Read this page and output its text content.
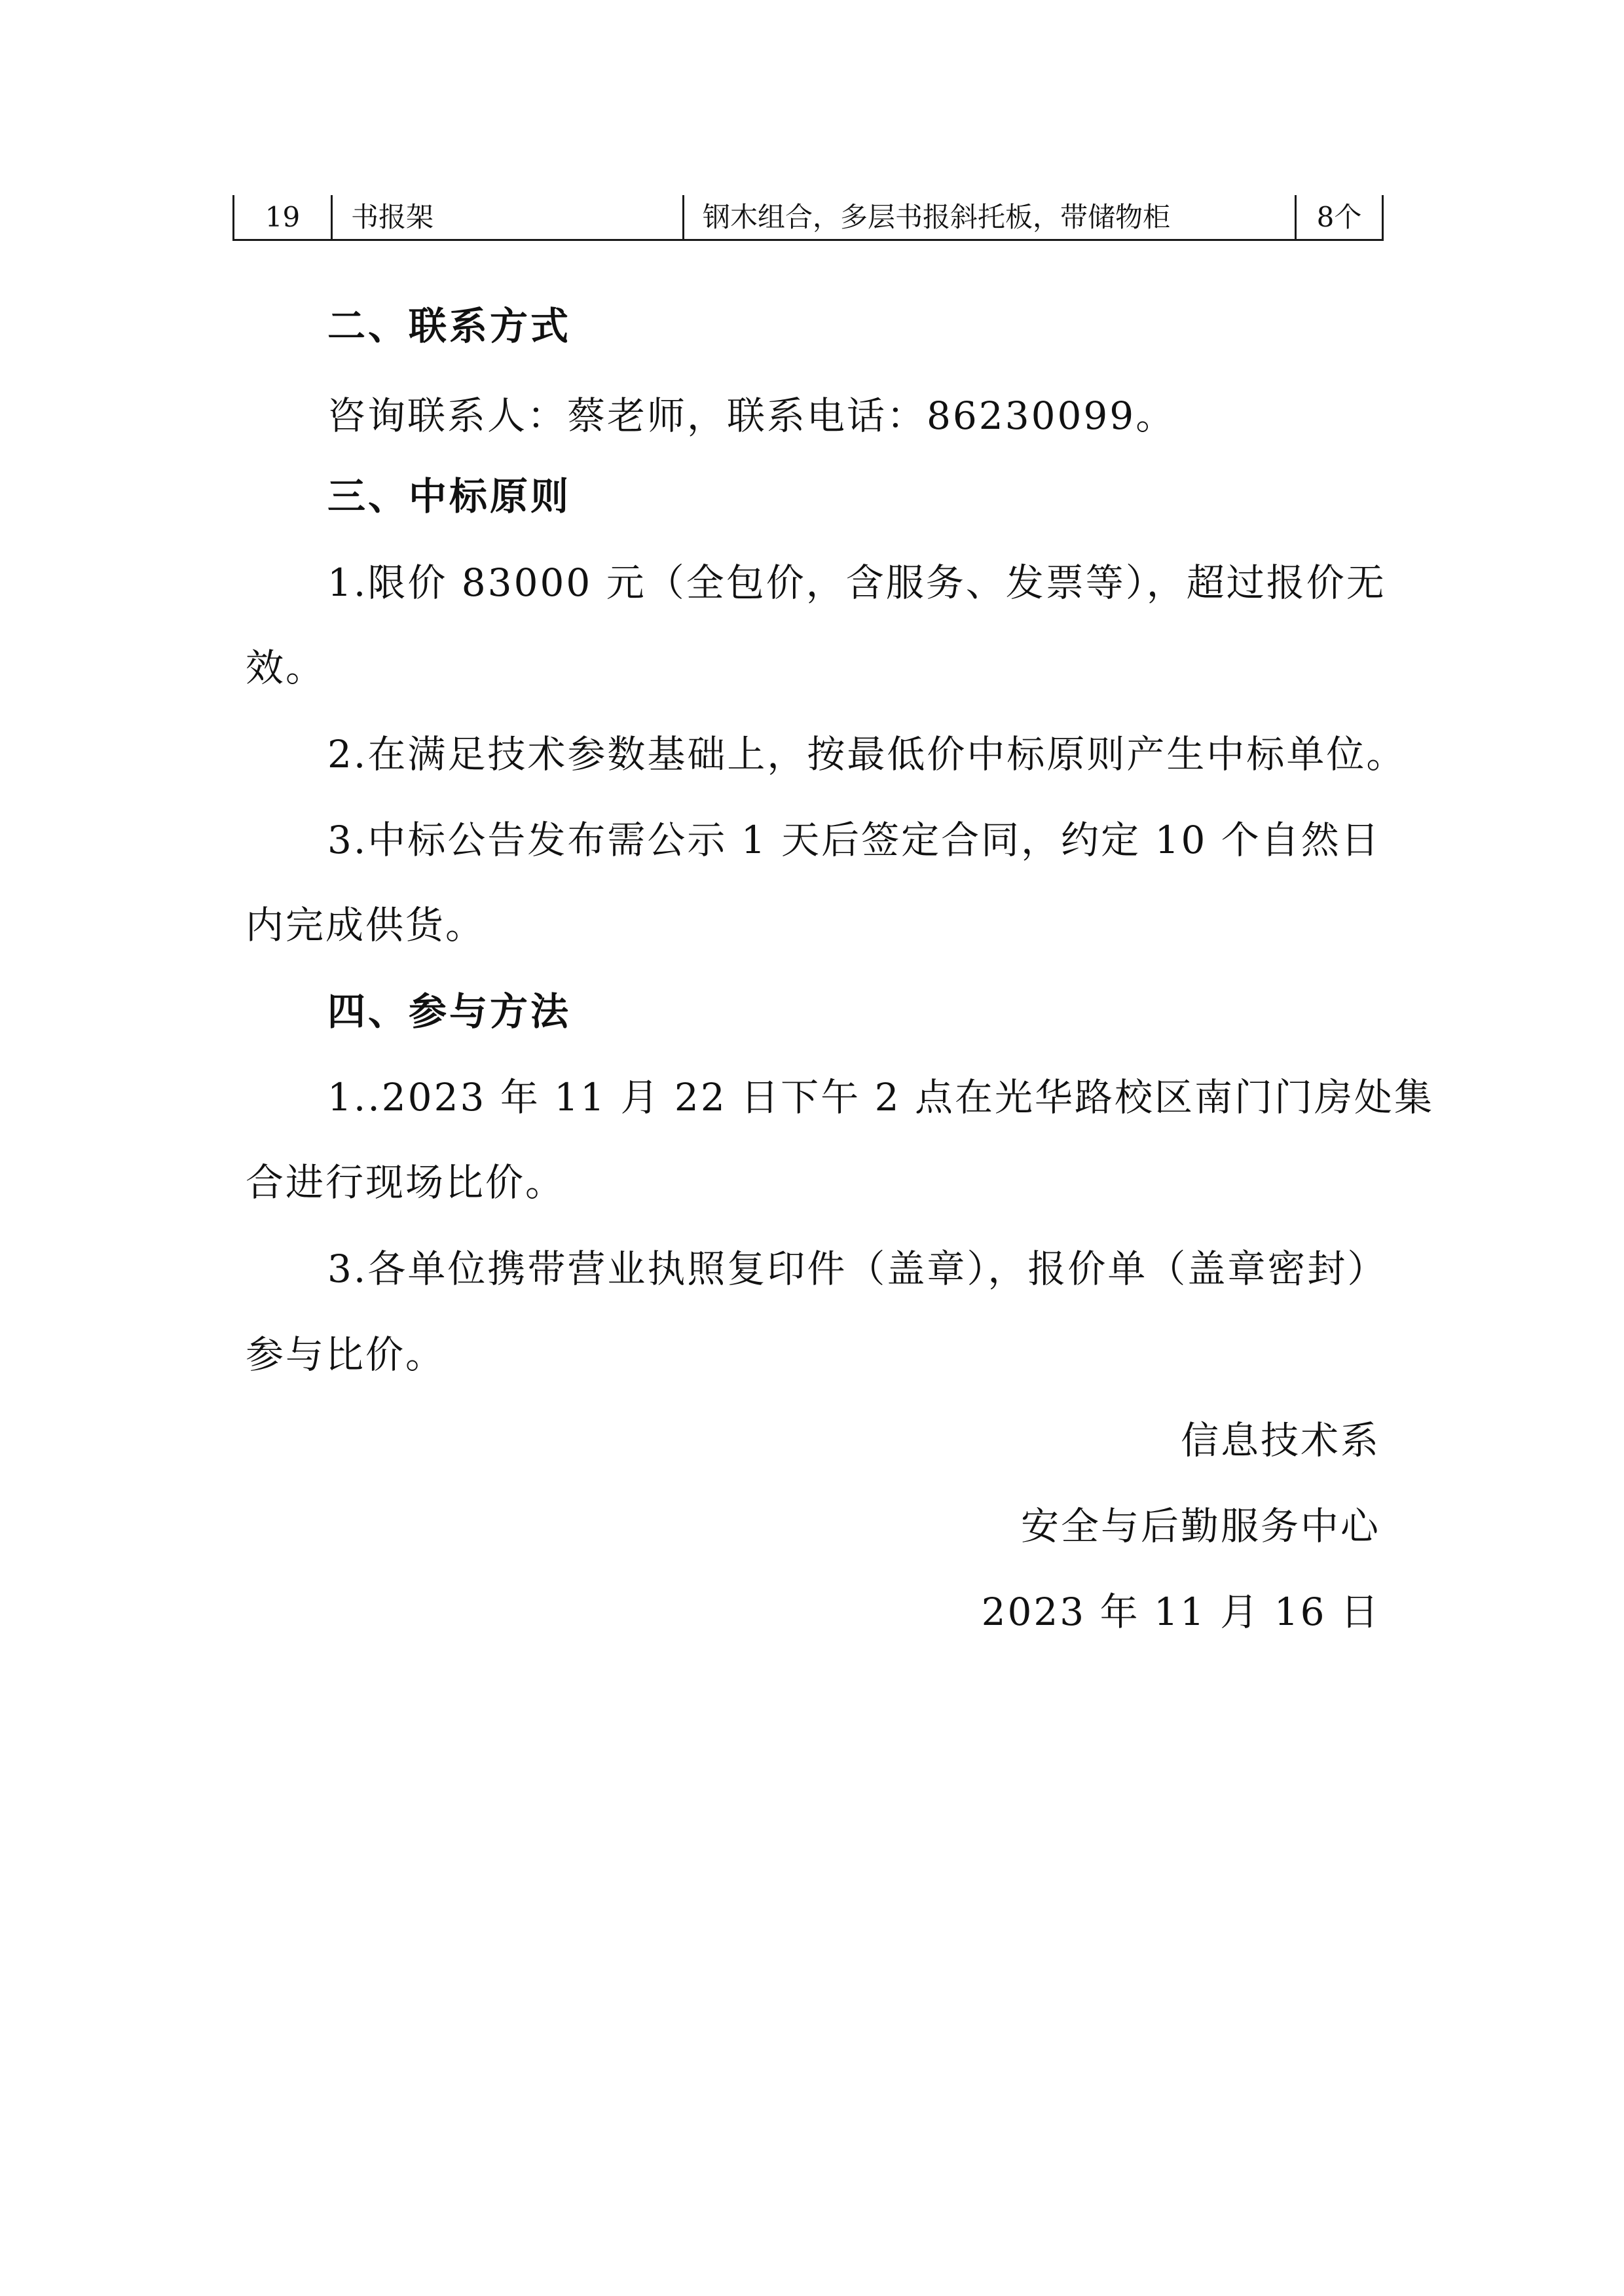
19	书报架	钢木组合，多层书报斜托板，带储物柜	8个
二、联系方式
咨询联系人：蔡老师，联系电话：86230099。
三、中标原则
1.限价 83000 元（全包价，含服务、发票等），超过报价无
效。
2.在满足技术参数基础上，按最低价中标原则产生中标单位。
3.中标公告发布需公示 1 天后签定合同，约定 10 个自然日
内完成供货。
四、参与方法
1..2023 年 11 月 22 日下午 2 点在光华路校区南门门房处集
合进行现场比价。
3.各单位携带营业执照复印件（盖章），报价单（盖章密封）
参与比价。
信息技术系
安全与后勤服务中心
2023 年 11 月 16 日
